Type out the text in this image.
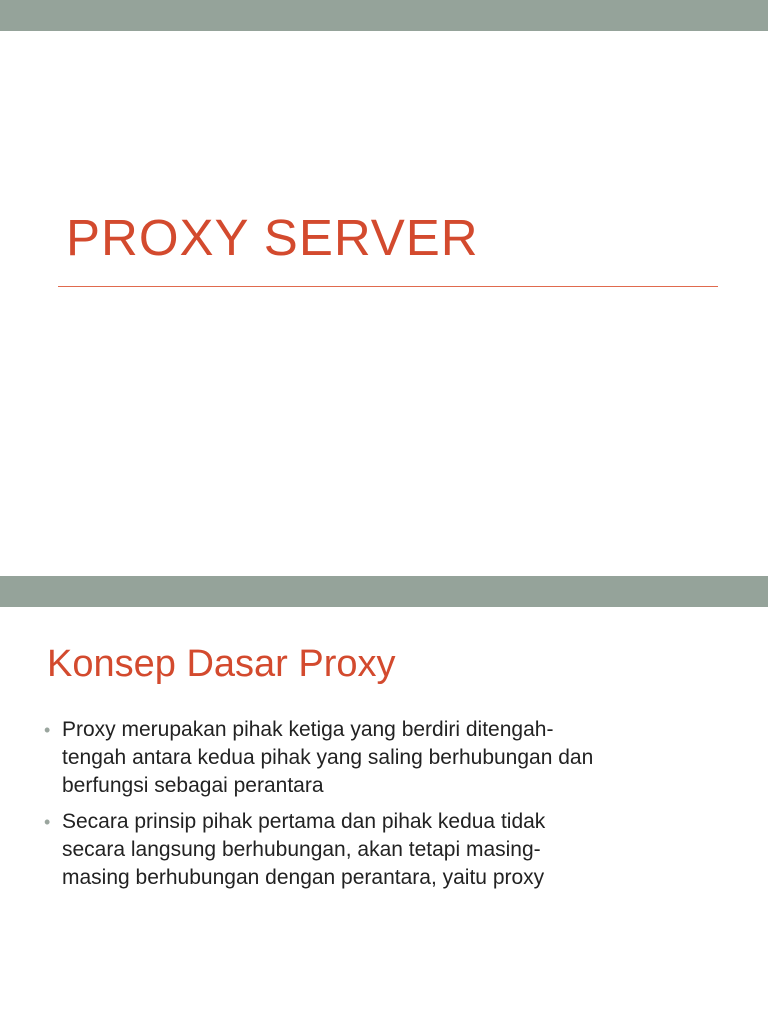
PROXY SERVER
Konsep Dasar Proxy
• Proxy merupakan pihak ketiga yang berdiri ditengah-
tengah antara kedua pihak yang saling berhubungan dan
berfungsi sebagai perantara
• Secara prinsip pihak pertama dan pihak kedua tidak
secara langsung berhubungan, akan tetapi masing-
masing berhubungan dengan perantara, yaitu proxy
